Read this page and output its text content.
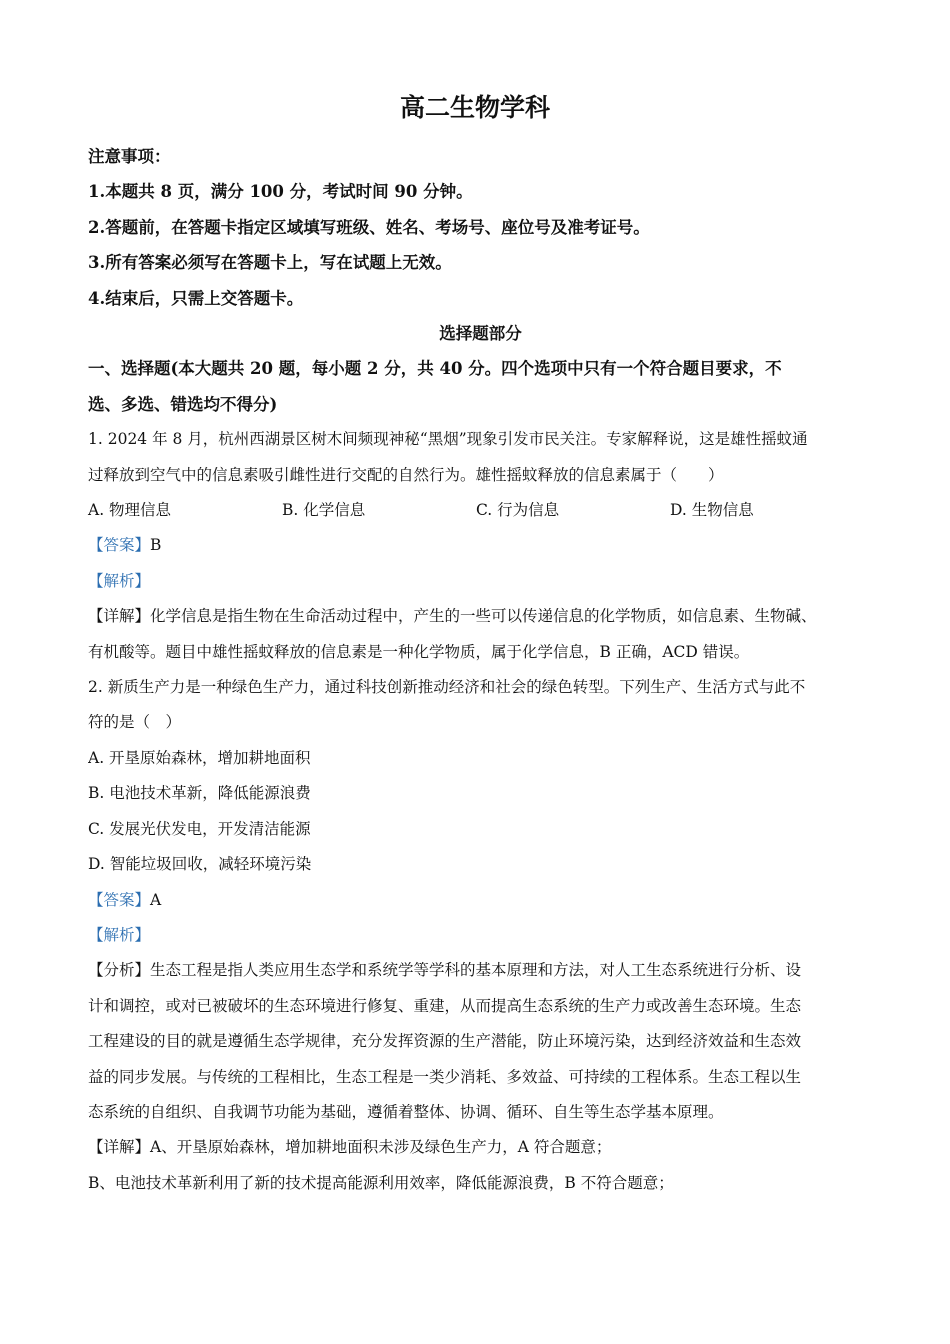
高二生物学科
注意事项：
1.本题共 8 页，满分 100 分，考试时间 90 分钟。
2.答题前，在答题卡指定区域填写班级、姓名、考场号、座位号及准考证号。
3.所有答案必须写在答题卡上，写在试题上无效。
4.结束后，只需上交答题卡。
选择题部分
一、选择题(本大题共 20 题，每小题 2 分，共 40 分。四个选项中只有一个符合题目要求，不
选、多选、错选均不得分)
1. 2024 年 8 月，杭州西湖景区树木间频现神秘“黑烟”现象引发市民关注。专家解释说，这是雄性摇蚊通
过释放到空气中的信息素吸引雌性进行交配的自然行为。雄性摇蚊释放的信息素属于（　　）
A. 物理信息	B. 化学信息	C. 行为信息	D. 生物信息
【答案】B
【解析】
【详解】化学信息是指生物在生命活动过程中，产生的一些可以传递信息的化学物质，如信息素、生物碱、
有机酸等。题目中雄性摇蚊释放的信息素是一种化学物质，属于化学信息，B 正确，ACD 错误。
2. 新质生产力是一种绿色生产力，通过科技创新推动经济和社会的绿色转型。下列生产、生活方式与此不
符的是（　）
A. 开垦原始森林，增加耕地面积
B. 电池技术革新，降低能源浪费
C. 发展光伏发电，开发清洁能源
D. 智能垃圾回收，减轻环境污染
【答案】A
【解析】
【分析】生态工程是指人类应用生态学和系统学等学科的基本原理和方法，对人工生态系统进行分析、设
计和调控，或对已被破坏的生态环境进行修复、重建，从而提高生态系统的生产力或改善生态环境。生态
工程建设的目的就是遵循生态学规律，充分发挥资源的生产潜能，防止环境污染，达到经济效益和生态效
益的同步发展。与传统的工程相比，生态工程是一类少消耗、多效益、可持续的工程体系。生态工程以生
态系统的自组织、自我调节功能为基础，遵循着整体、协调、循环、自生等生态学基本原理。
【详解】A、开垦原始森林，增加耕地面积未涉及绿色生产力，A 符合题意；
B、电池技术革新利用了新的技术提高能源利用效率，降低能源浪费，B 不符合题意；
